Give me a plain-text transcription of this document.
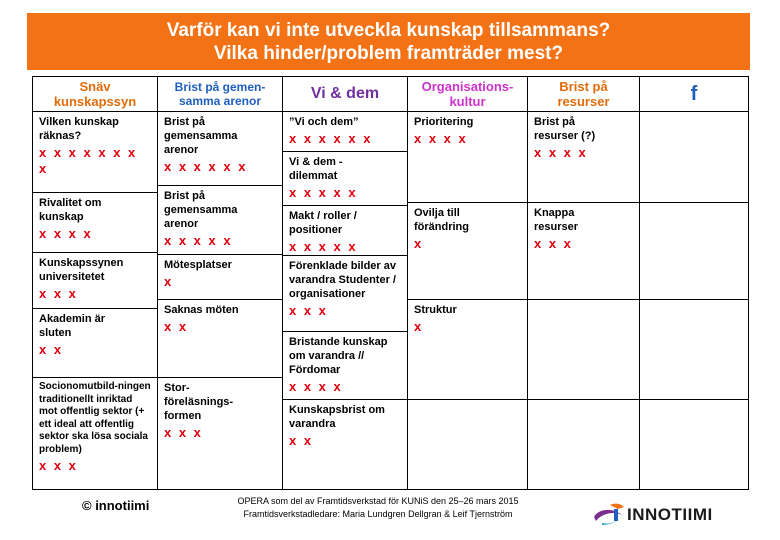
Varför kan vi inte utveckla kunskap tillsammans?
Vilka hinder/problem framträder mest?
Snäv
kunskapssyn
Vilken kunskap räknas?
x x x x x x x x
Rivalitet om kunskap
x x x x
Kunskapssynen universitetet
x x x
Akademin är sluten
x x
Socionomutbild-ningen traditionellt inriktad mot offentlig sektor (+ ett ideal att offentlig sektor ska lösa sociala problem)
x x x
Brist på gemen-
samma arenor
Brist på gemensamma arenor
x x x x x x
Brist på gemensamma arenor
x x x x x
Mötesplatser
x
Saknas möten
x x
Stor-föreläsnings-formen
x x x
Vi & dem
”Vi och dem”
x x x x x x
Vi & dem -dilemmat
x x x x x
Makt / roller / positioner
x x x x x
Förenklade bilder av varandra Studenter / organisationer
x x x
Bristande kunskap om varandra // Fördomar
x x x x
Kunskapsbrist om varandra
x x
Organisations-
kultur
Prioritering
x x x x
Ovilja till förändring
x
Struktur
x
Brist på
resurser
Brist på resurser (?)
x x x x
Knappa resurser
x x x
f
© innotiimi	OPERA som del av Framtidsverkstad för KUNiS den 25–26 mars 2015
Framtidsverkstadledare: Maria Lundgren Dellgran & Leif Tjernström	INNOTIIMI
